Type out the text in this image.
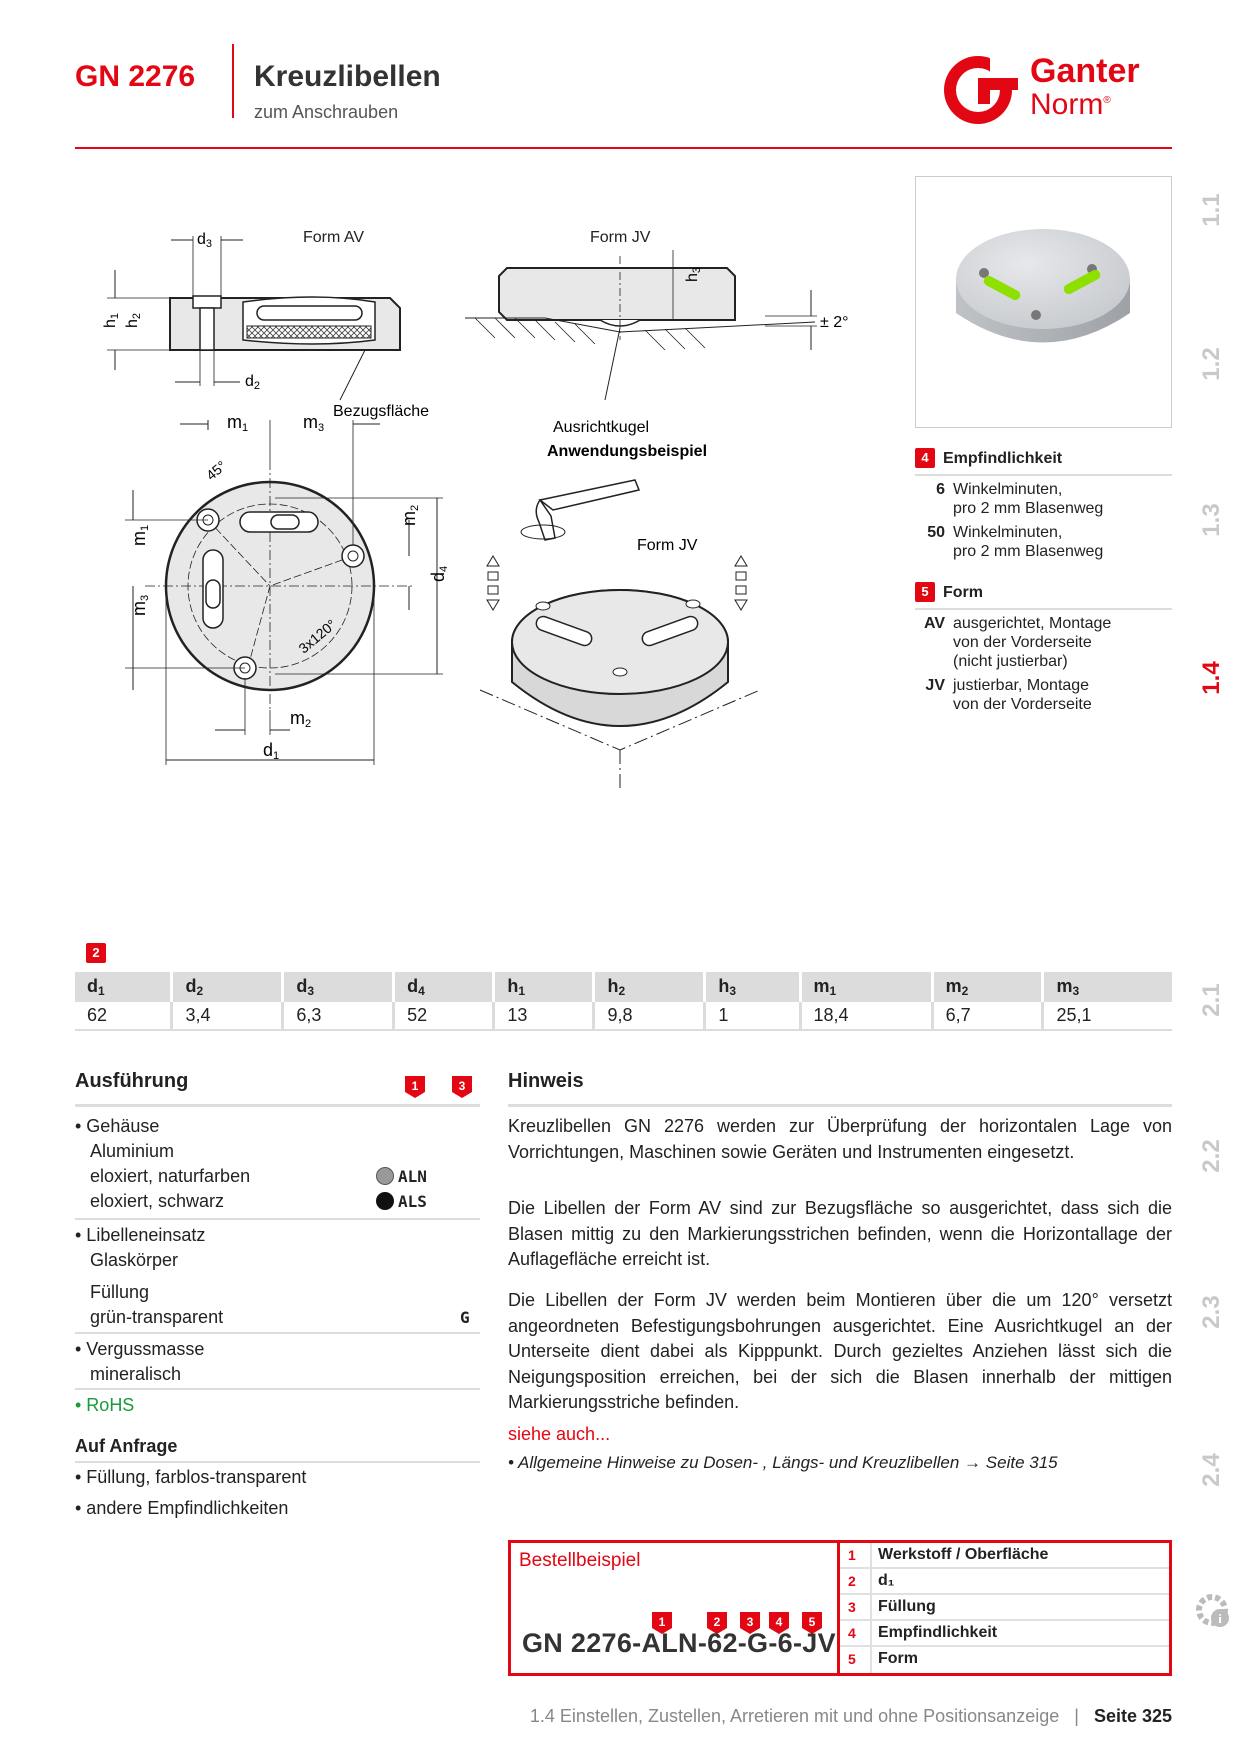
GN 2276 Kreuzlibellen
zum Anschrauben
Ganter
Norm®
1.1
1.2
1.3
1.4
2.1
2.2
2.3
2.4
i
Form AV
h1
h2
d3
d2
Bezugsfläche
Form JV
h3
± 2°
Ausrichtkugel
m1	m3
45°
3x120°
m1
m3
m2
d4
m2
d1
Anwendungsbeispiel
Form JV
4 Empfindlichkeit
6 Winkelminuten,
pro 2 mm Blasenweg
50 Winkelminuten,
pro 2 mm Blasenweg
5 Form
AV ausgerichtet, Montage
von der Vorderseite
(nicht justierbar)
JV justierbar, Montage
von der Vorderseite
2
$d_1$	$d_2$	$d_3$	$d_4$	$h_1$	$h_2$	$h_3$	$m_1$	$m_2$	$m_3$
62	3,4	6,3	52	13	9,8	1	18,4	6,7	25,1
Ausführung	1	3
• Gehäuse
Aluminium
eloxiert, naturfarben	ALN
eloxiert, schwarz	ALS
• Libelleneinsatz
Glaskörper
Füllung
grün-transparent	G
• Vergussmasse
mineralisch
• RoHS
Auf Anfrage
• Füllung, farblos-transparent
• andere Empfindlichkeiten
Hinweis
Kreuzlibellen GN 2276 werden zur Überprüfung der horizontalen Lage von Vorrichtungen, Maschinen sowie Geräten und Instrumenten eingesetzt.
Die Libellen der Form AV sind zur Bezugsfläche so ausgerichtet, dass sich die Blasen mittig zu den Markierungsstrichen befinden, wenn die Horizontallage der Auflagefläche erreicht ist.
Die Libellen der Form JV werden beim Montieren über die um 120° versetzt angeordneten Befestigungsbohrungen ausgerichtet. Eine Ausrichtkugel an der Unterseite dient dabei als Kipppunkt. Durch gezieltes Anziehen lässt sich die Neigungsposition erreichen, bei der sich die Blasen innerhalb der mittigen Markierungsstriche befinden.
siehe auch...
• Allgemeine Hinweise zu Dosen- , Längs- und Kreuzlibellen → Seite 315
Bestellbeispiel
1	2 3 4 5
GN 2276-ALN-62-G-6-JV
1	Werkstoff / Oberfläche
2	d₁
3	Füllung
4	Empfindlichkeit
5	Form
1.4 Einstellen, Zustellen, Arretieren mit und ohne Positionsanzeige | Seite 325
